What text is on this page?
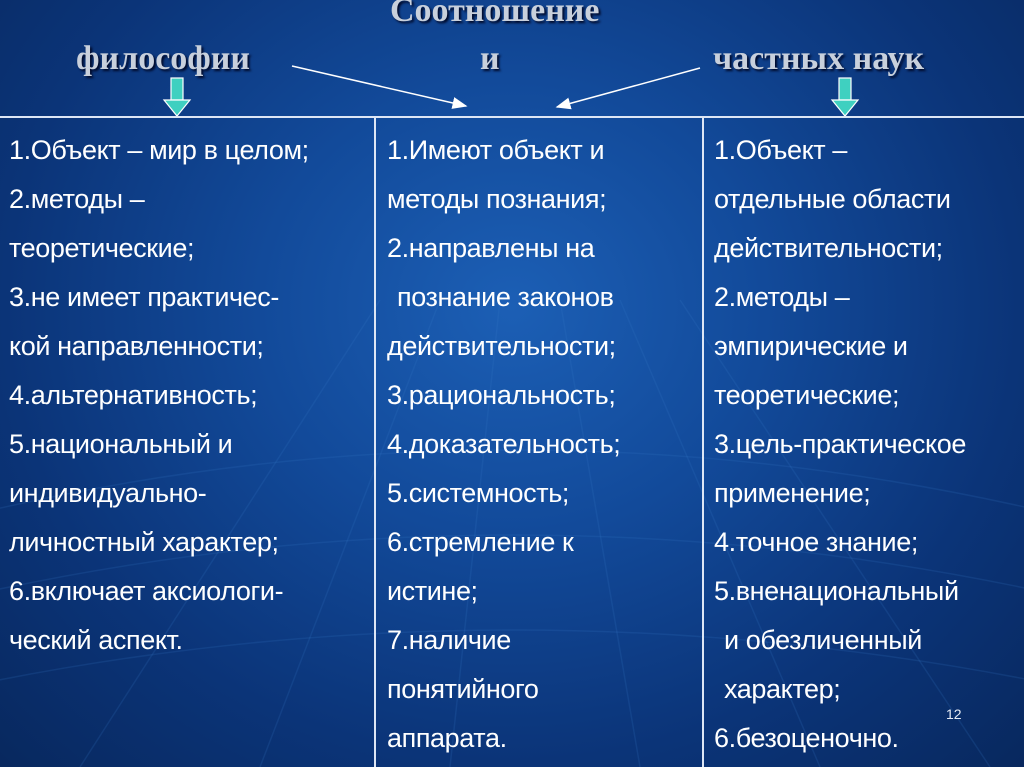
Соотношение
философии	и	частных наук
1.Объект – мир в целом;
2.методы –
теоретические;
3.не имеет практичес-
кой направленности;
4.альтернативность;
5.национальный и
индивидуально-
личностный характер;
6.включает аксиологи-
ческий аспект.
1.Имеют объект и
методы познания;
2.направлены на
познание законов
действительности;
3.рациональность;
4.доказательность;
5.системность;
6.стремление к
истине;
7.наличие
понятийного
аппарата.
1.Объект –
отдельные области
действительности;
2.методы –
эмпирические и
теоретические;
3.цель-практическое
применение;
4.точное знание;
5.вненациональный
и обезличенный
характер;
6.безоценочно.
12
